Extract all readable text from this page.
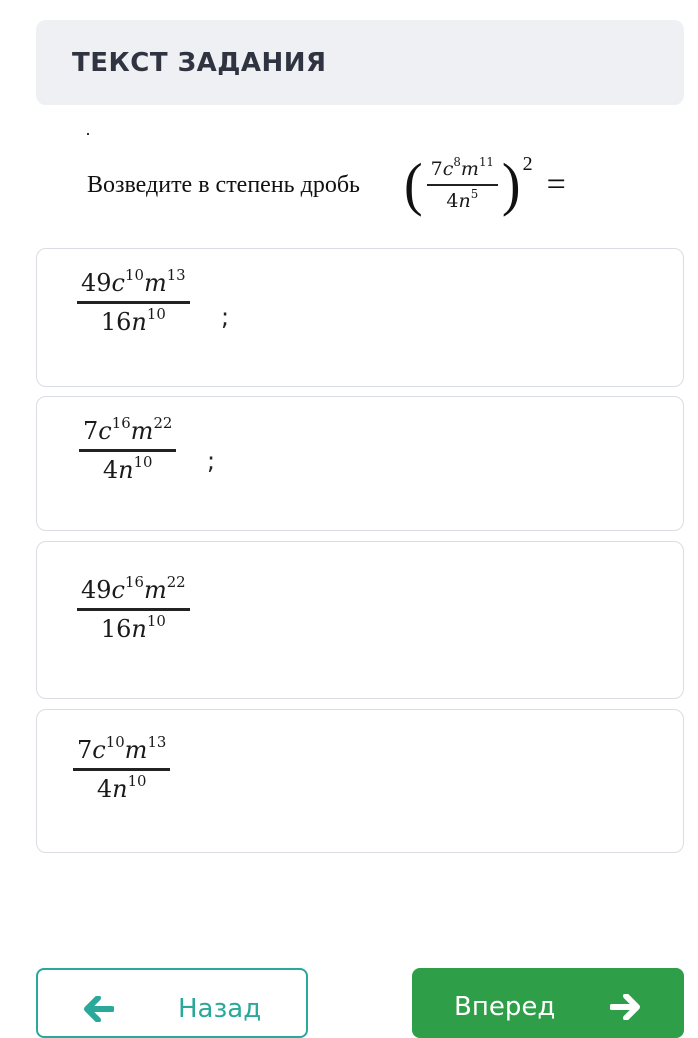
ТЕКСТ ЗАДАНИЯ
Возведите в степень дробь ( $\frac{7c^8m^{11}}{4n^5}$ ) 2
=
$49c^{10}m^{13}$
$16n^{10}$ ;
$7c^{16}m^{22}$
$4n^{10}$ ;
$49c^{16}m^{22}$
$16n^{10}$
$7c^{10}m^{13}$
$4n^{10}$
Назад	Вперед
